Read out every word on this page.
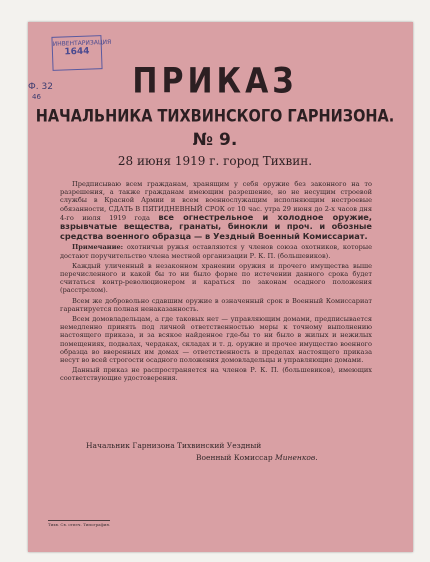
ИНВЕНТАРИЗАЦИЯ
1644
Ф. 32
46	ПРИКАЗ
НАЧАЛЬНИКА ТИХВИНСКОГО ГАРНИЗОНА.
№ 9.
28 июня 1919 г. город Тихвин.

Предписываю всем гражданам, хранящим у себя оружие без законного на то разрешения, а также гражданам имеющим разрешение, но не несущим строевой службы в Красной Армии и всем военнослужащим исполняющим нестроевые обязанности, СДАТЬ В ПЯТИДНЕВНЫЙ СРОК от 10 час. утра 29 июня до 2-х часов дня 4-го июля 1919 года все огнестрельное и холодное оружие, взрывчатые вещества, гранаты, бинокли и проч. и обозные средства военного образца — в Уездный Военный Комиссариат.

Примечание: охотничьи ружья оставляются у членов союза охотников, которые достают поручительство члена местной организации Р. К. П. (большевиков).

Каждый уличенный в незаконном хранении оружия и прочего имущества выше перечисленного и какой бы то ни было форме по истечении данного срока будет считаться контр-революционером и караться по законам осадного положения (расстрелом).

Всем же добровольно сдавшим оружие в означенный срок в Военный Комиссариат гарантируется полная ненаказанность.

Всем домовладельцам, а где таковых нет — управляющим домами, предписывается немедленно принять под личной ответственностью меры к точному выполнению настоящего приказа, и за всякое найденное где-бы то ни было в жилых и нежилых помещениях, подвалах, чердаках, складах и т. д. оружие и прочее имущество военного образца во вверенных им домах — ответственность в пределах настоящего приказа несут во всей строгости осадного положения домовладельцы и управляющие домами.

Данный приказ не распространяется на членов Р. К. П. (большевиков), имеющих соответствующие удостоверения.

Начальник Гарнизона Тихвинский Уездный
Военный Комиссар Миненков.
Тихв. Св. отпеч. Типография.
